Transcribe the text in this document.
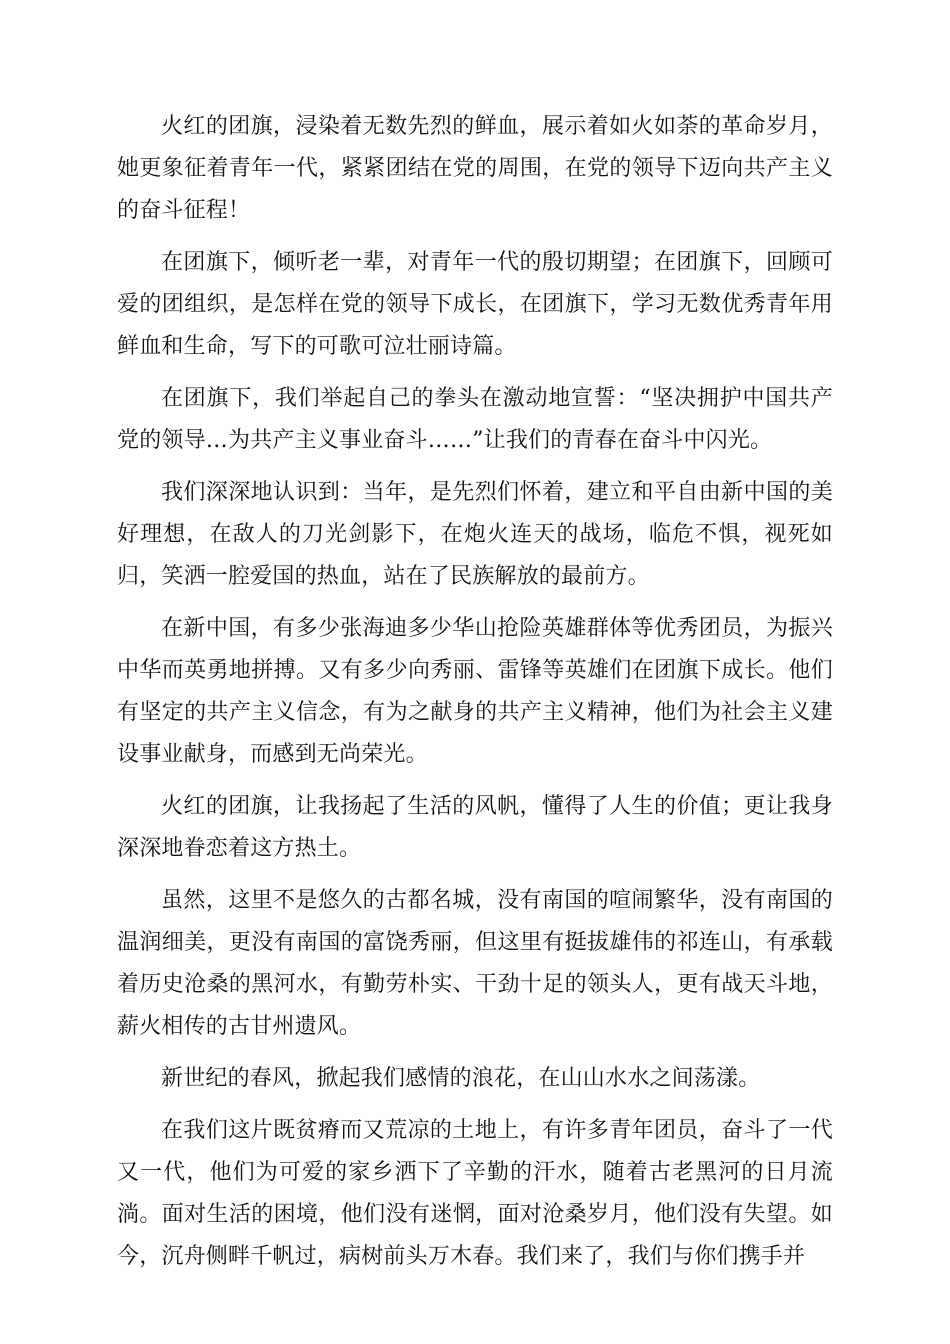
火红的团旗，浸染着无数先烈的鲜血，展示着如火如荼的革命岁月，她更象征着青年一代，紧紧团结在党的周围，在党的领导下迈向共产主义的奋斗征程！

在团旗下，倾听老一辈，对青年一代的殷切期望；在团旗下，回顾可爱的团组织，是怎样在党的领导下成长，在团旗下，学习无数优秀青年用鲜血和生命，写下的可歌可泣壮丽诗篇。

在团旗下，我们举起自己的拳头在激动地宣誓：“坚决拥护中国共产党的领导…为共产主义事业奋斗……”让我们的青春在奋斗中闪光。

我们深深地认识到：当年，是先烈们怀着，建立和平自由新中国的美好理想，在敌人的刀光剑影下，在炮火连天的战场，临危不惧，视死如归，笑洒一腔爱国的热血，站在了民族解放的最前方。

在新中国，有多少张海迪多少华山抢险英雄群体等优秀团员，为振兴中华而英勇地拼搏。又有多少向秀丽、雷锋等英雄们在团旗下成长。他们有坚定的共产主义信念，有为之献身的共产主义精神，他们为社会主义建设事业献身，而感到无尚荣光。

火红的团旗，让我扬起了生活的风帆，懂得了人生的价值；更让我身深深地眷恋着这方热土。

虽然，这里不是悠久的古都名城，没有南国的喧闹繁华，没有南国的温润细美，更没有南国的富饶秀丽，但这里有挺拔雄伟的祁连山，有承载着历史沧桑的黑河水，有勤劳朴实、干劲十足的领头人，更有战天斗地，薪火相传的古甘州遗风。

新世纪的春风，掀起我们感情的浪花，在山山水水之间荡漾。

在我们这片既贫瘠而又荒凉的土地上，有许多青年团员，奋斗了一代又一代，他们为可爱的家乡洒下了辛勤的汗水，随着古老黑河的日月流淌。面对生活的困境，他们没有迷惘，面对沧桑岁月，他们没有失望。如今，沉舟侧畔千帆过，病树前头万木春。我们来了，我们与你们携手并
